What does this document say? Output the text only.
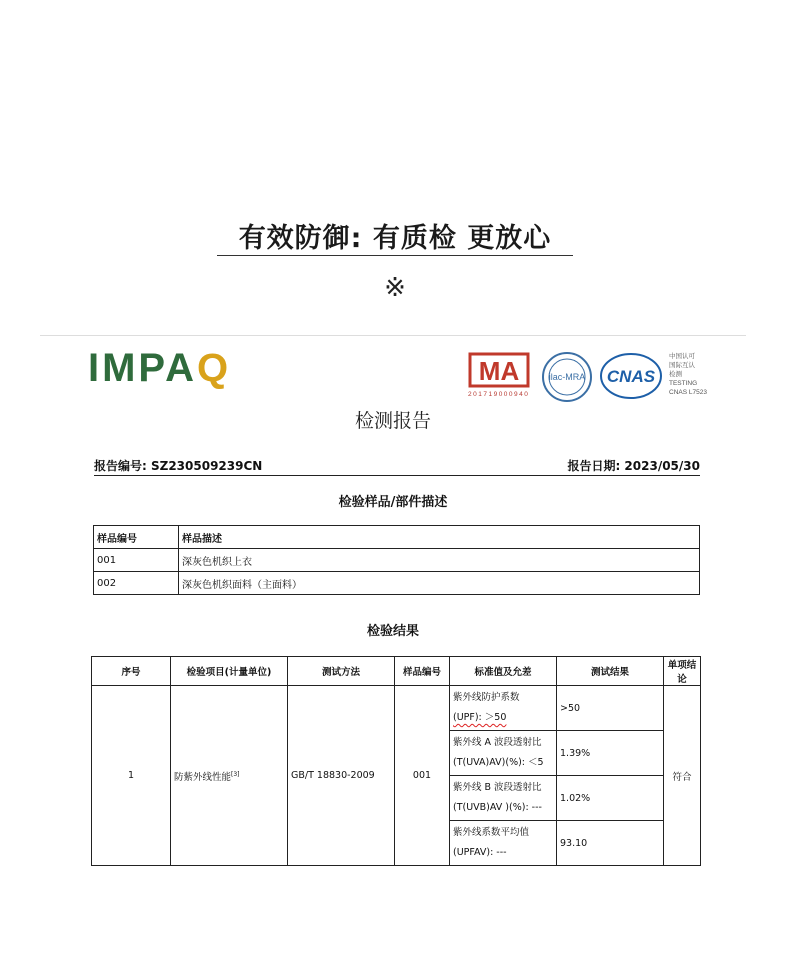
有效防御: 有质检 更放心
※
IMPAQ	MA
201719000940
ilac-MRA CNAS
中国认可
国际互认
检测
TESTING
CNAS L7523
检测报告
报告编号: SZ230509239CN	报告日期: 2023/05/30
检验样品/部件描述
样品编号	样品描述
001	深灰色机织上衣
002	深灰色机织面料（主面料）
检验结果
序号	检验项目(计量单位)	测试方法	样品编号	标准值及允差	测试结果	单项结论
1	防紫外线性能[3]	GB/T 18830-2009	001	紫外线防护系数
(UPF): ＞50	>50	符合

				紫外线 A 波段透射比
(T(UVA)AV)(%): ＜5	1.39%	

				紫外线 B 波段透射比
(T(UVB)AV )(%): ---	1.02%	

				紫外线系数平均值
(UPFAV): ---	93.10	
